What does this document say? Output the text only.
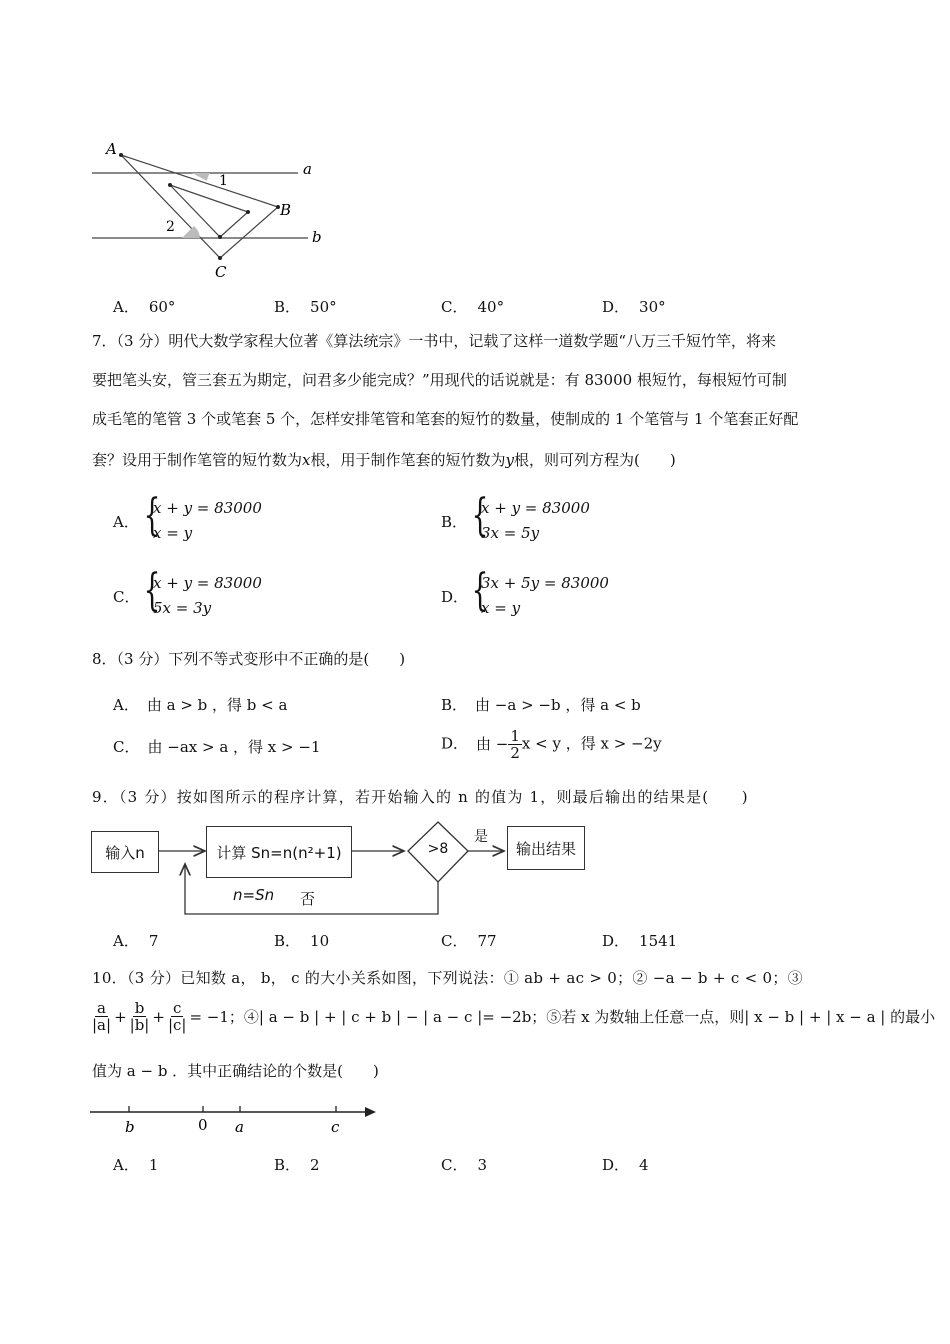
A
B
C
a
b
1
2
A． 60°	B． 50°	C． 40°	D． 30°
7．（3 分）明代大数学家程大位著《算法统宗》一书中，记载了这样一道数学题“八万三千短竹竿，将来
要把笔头安，管三套五为期定，问君多少能完成？”用现代的话说就是：有 83000 根短竹，每根短竹可制
成毛笔的笔管 3 个或笔套 5 个，怎样安排笔管和笔套的短竹的数量，使制成的 1 个笔管与 1 个笔套正好配
套？设用于制作笔管的短竹数为x根，用于制作笔套的短竹数为y根，则可列方程为(　　)
A． {
x + y = 83000
x = y
B． {
x + y = 83000
3x = 5y
C． {
x + y = 83000
5x = 3y
D． {
3x + 5y = 83000
x = y
8．（3 分）下列不等式变形中不正确的是(　　)
A． 由 a > b ，得 b < a	B． 由 −a > −b ，得 a < b
C． 由 −ax > a ，得 x > −1	D． 由 − $\frac{1}{2}$ x < y ，得 x > −2y
9．（3 分）按如图所示的程序计算，若开始输入的 n 的值为 1，则最后输出的结果是(　　)
输入n	计算 Sn=n(n²+1)	>8
是
输出结果
n=Sn 否
A． 7	B． 10	C． 77	D． 1541
10．（3 分）已知数 a， b， c 的大小关系如图，下列说法：① ab + ac > 0；② −a − b + c < 0；③
$\frac{a}{|a|} + \frac{b}{|b|} + \frac{c}{|c|} = -1$；④| a − b | + | c + b | − | a − c |= −2b；⑤若 x 为数轴上任意一点，则| x − b | + | x − a | 的最小
值为 a − b ．其中正确结论的个数是(　　)
b	0 a	c
A． 1	B． 2	C． 3	D． 4
